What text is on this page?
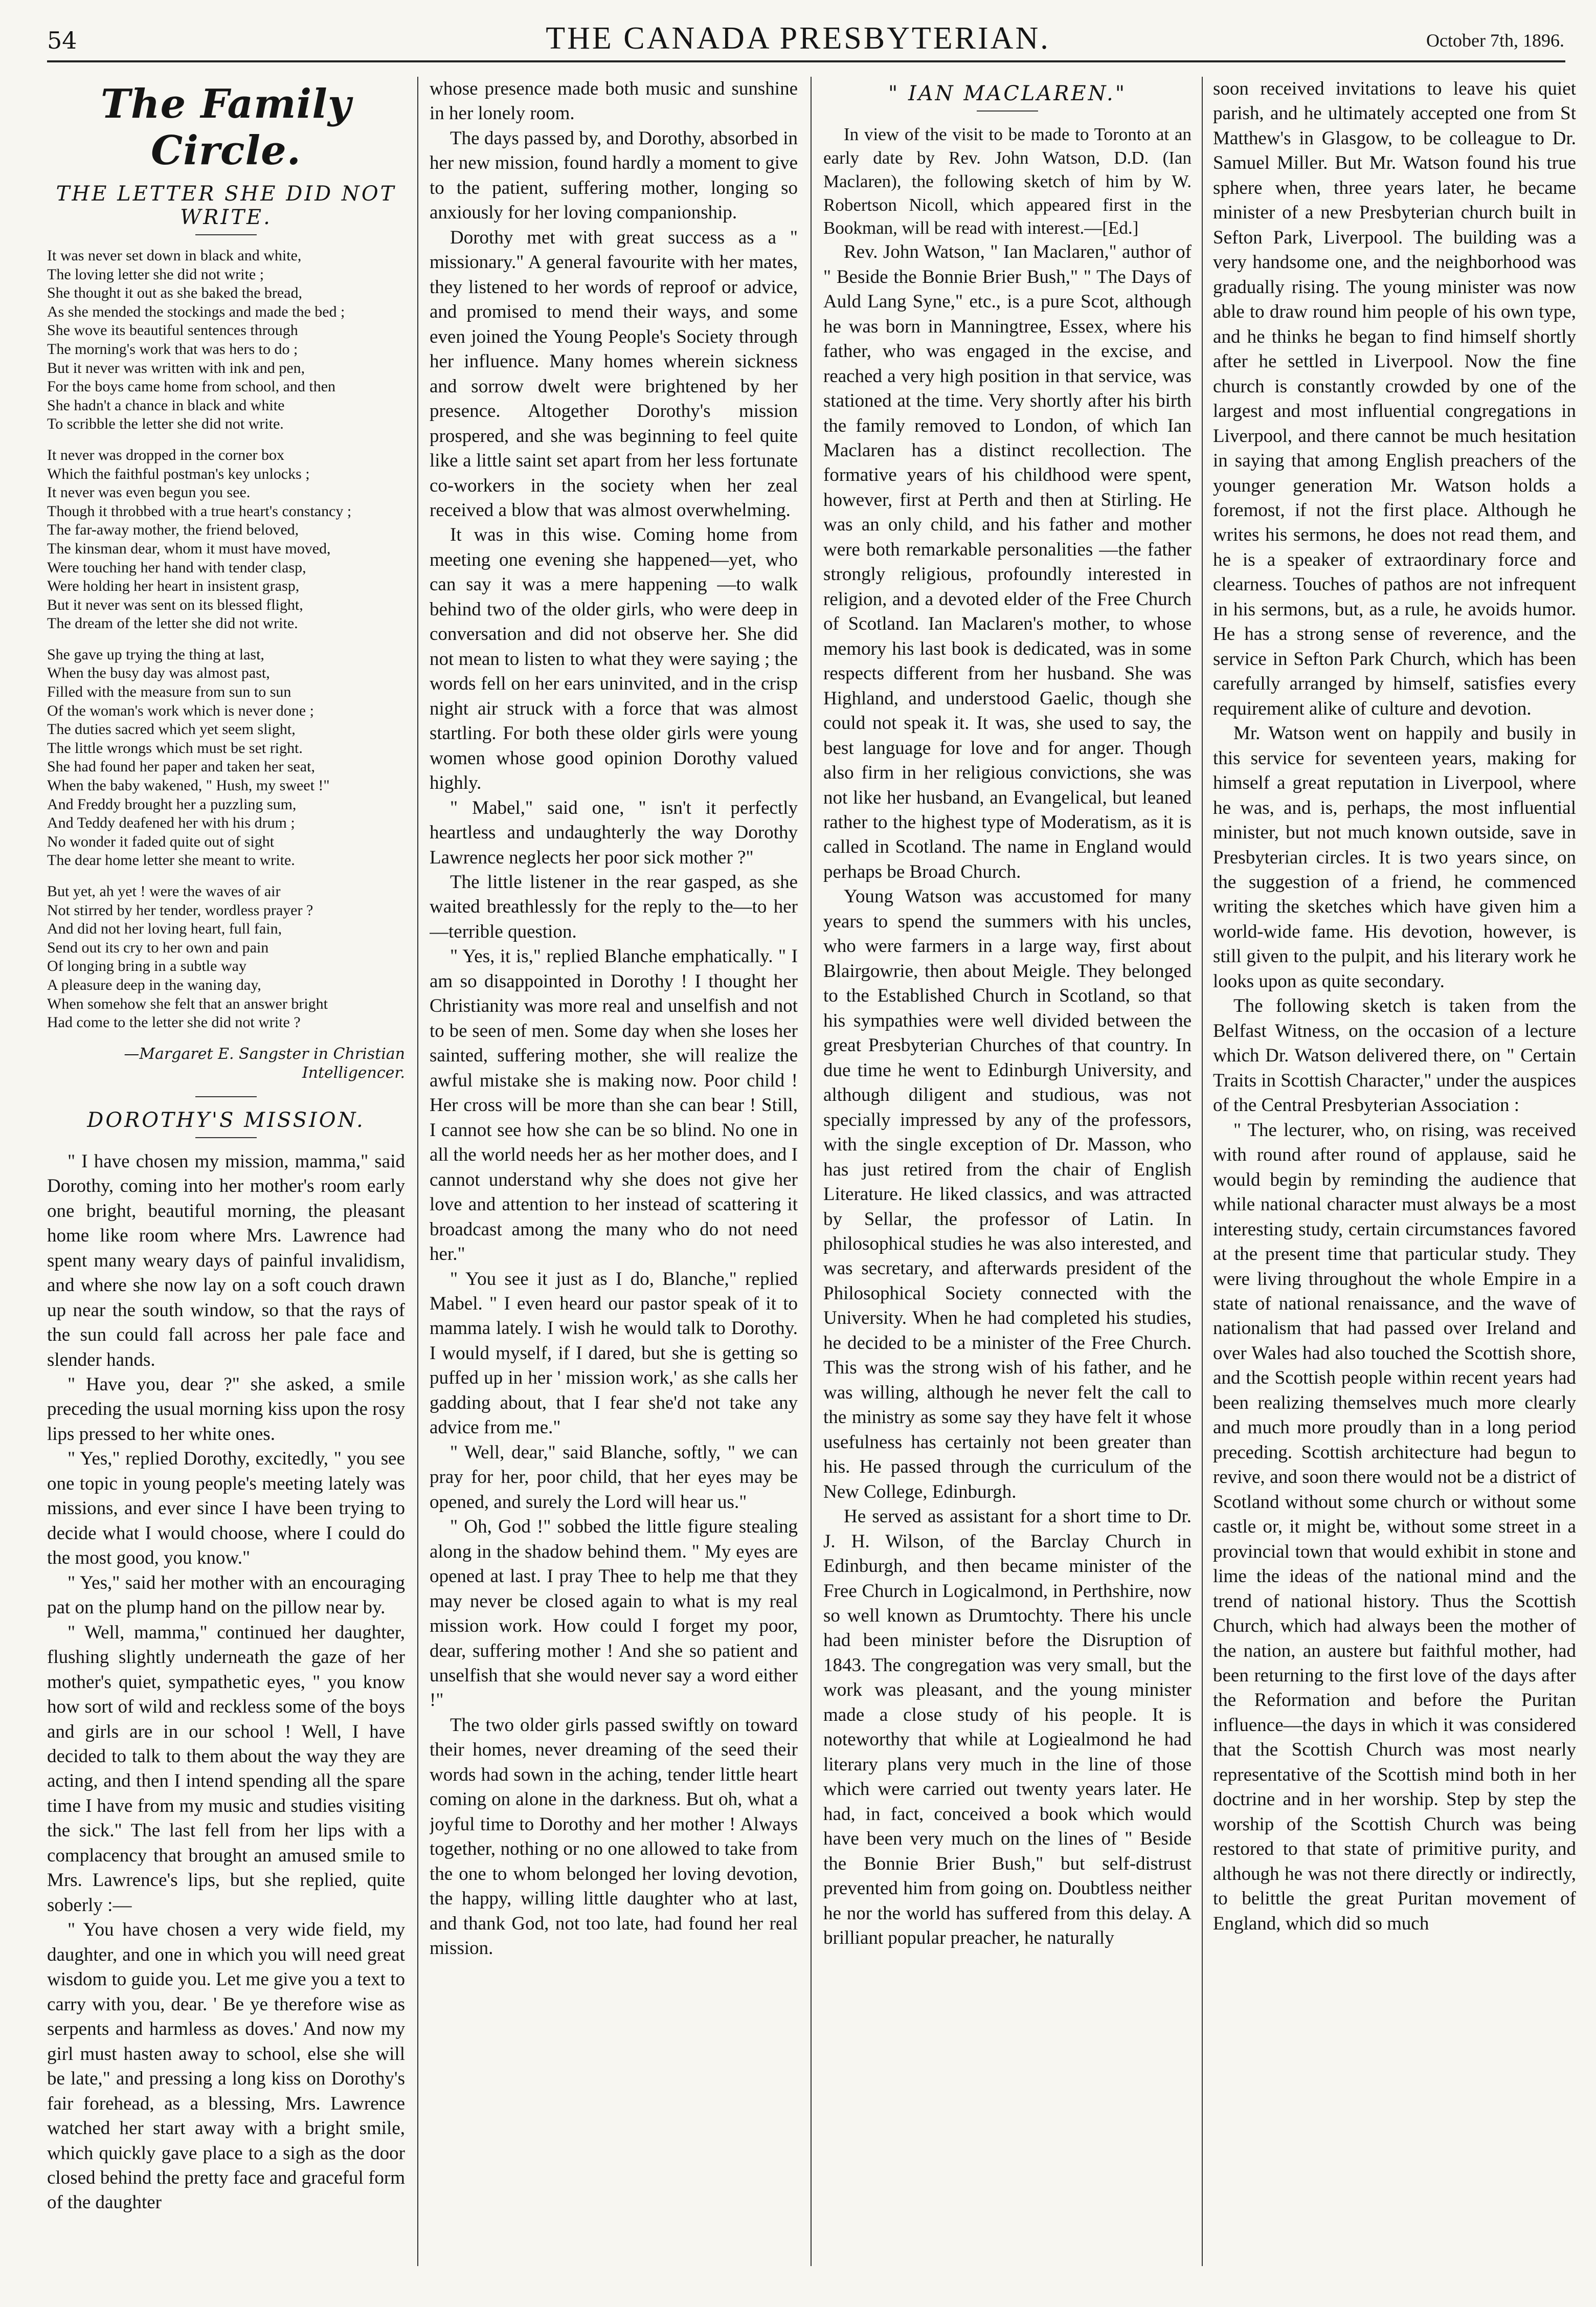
54	THE CANADA PRESBYTERIAN.	October 7th, 1896.
The Family Circle.
THE LETTER SHE DID NOT WRITE.

It was never set down in black and white,
The loving letter she did not write ;
She thought it out as she baked the bread,
As she mended the stockings and made the bed ;
She wove its beautiful sentences through
The morning's work that was hers to do ;
But it never was written with ink and pen,
For the boys came home from school, and then
She hadn't a chance in black and white
To scribble the letter she did not write.

It never was dropped in the corner box
Which the faithful postman's key unlocks ;
It never was even begun you see.
Though it throbbed with a true heart's constancy ;
The far-away mother, the friend beloved,
The kinsman dear, whom it must have moved,
Were touching her hand with tender clasp,
Were holding her heart in insistent grasp,
But it never was sent on its blessed flight,
The dream of the letter she did not write.

She gave up trying the thing at last,
When the busy day was almost past,
Filled with the measure from sun to sun
Of the woman's work which is never done ;
The duties sacred which yet seem slight,
The little wrongs which must be set right.
She had found her paper and taken her seat,
When the baby wakened, " Hush, my sweet !"
And Freddy brought her a puzzling sum,
And Teddy deafened her with his drum ;
No wonder it faded quite out of sight
The dear home letter she meant to write.

But yet, ah yet ! were the waves of air
Not stirred by her tender, wordless prayer ?
And did not her loving heart, full fain,
Send out its cry to her own and pain
Of longing bring in a subtle way
A pleasure deep in the waning day,
When somehow she felt that an answer bright
Had come to the letter she did not write ?

—Margaret E. Sangster in Christian Intelligencer.
DOROTHY'S MISSION.

" I have chosen my mission, mamma," said Dorothy, coming into her mother's room early one bright, beautiful morning, the pleasant home like room where Mrs. Lawrence had spent many weary days of painful invalidism, and where she now lay on a soft couch drawn up near the south window, so that the rays of the sun could fall across her pale face and slender hands.

" Have you, dear ?" she asked, a smile preceding the usual morning kiss upon the rosy lips pressed to her white ones.

" Yes," replied Dorothy, excitedly, " you see one topic in young people's meeting lately was missions, and ever since I have been trying to decide what I would choose, where I could do the most good, you know."

" Yes," said her mother with an encouraging pat on the plump hand on the pillow near by.

" Well, mamma," continued her daughter, flushing slightly underneath the gaze of her mother's quiet, sympathetic eyes, " you know how sort of wild and reckless some of the boys and girls are in our school ! Well, I have decided to talk to them about the way they are acting, and then I intend spending all the spare time I have from my music and studies visiting the sick." The last fell from her lips with a complacency that brought an amused smile to Mrs. Lawrence's lips, but she replied, quite soberly :—

" You have chosen a very wide field, my daughter, and one in which you will need great wisdom to guide you. Let me give you a text to carry with you, dear. ' Be ye therefore wise as serpents and harmless as doves.' And now my girl must hasten away to school, else she will be late," and pressing a long kiss on Dorothy's fair forehead, as a blessing, Mrs. Lawrence watched her start away with a bright smile, which quickly gave place to a sigh as the door closed behind the pretty face and graceful form of the daughter

whose presence made both music and sunshine in her lonely room.

The days passed by, and Dorothy, absorbed in her new mission, found hardly a moment to give to the patient, suffering mother, longing so anxiously for her loving companionship.

Dorothy met with great success as a " missionary." A general favourite with her mates, they listened to her words of reproof or advice, and promised to mend their ways, and some even joined the Young People's Society through her influence. Many homes wherein sickness and sorrow dwelt were brightened by her presence. Altogether Dorothy's mission prospered, and she was beginning to feel quite like a little saint set apart from her less fortunate co-workers in the society when her zeal received a blow that was almost overwhelming.

It was in this wise. Coming home from meeting one evening she happened—yet, who can say it was a mere happening —to walk behind two of the older girls, who were deep in conversation and did not observe her. She did not mean to listen to what they were saying ; the words fell on her ears uninvited, and in the crisp night air struck with a force that was almost startling. For both these older girls were young women whose good opinion Dorothy valued highly.

" Mabel," said one, " isn't it perfectly heartless and undaughterly the way Dorothy Lawrence neglects her poor sick mother ?"

The little listener in the rear gasped, as she waited breathlessly for the reply to the—to her—terrible question.

" Yes, it is," replied Blanche emphatically. " I am so disappointed in Dorothy ! I thought her Christianity was more real and unselfish and not to be seen of men. Some day when she loses her sainted, suffering mother, she will realize the awful mistake she is making now. Poor child ! Her cross will be more than she can bear ! Still, I cannot see how she can be so blind. No one in all the world needs her as her mother does, and I cannot understand why she does not give her love and attention to her instead of scattering it broadcast among the many who do not need her."

" You see it just as I do, Blanche," replied Mabel. " I even heard our pastor speak of it to mamma lately. I wish he would talk to Dorothy. I would myself, if I dared, but she is getting so puffed up in her ' mission work,' as she calls her gadding about, that I fear she'd not take any advice from me."

" Well, dear," said Blanche, softly, " we can pray for her, poor child, that her eyes may be opened, and surely the Lord will hear us."

" Oh, God !" sobbed the little figure stealing along in the shadow behind them. " My eyes are opened at last. I pray Thee to help me that they may never be closed again to what is my real mission work. How could I forget my poor, dear, suffering mother ! And she so patient and unselfish that she would never say a word either !"

The two older girls passed swiftly on toward their homes, never dreaming of the seed their words had sown in the aching, tender little heart coming on alone in the darkness. But oh, what a joyful time to Dorothy and her mother ! Always together, nothing or no one allowed to take from the one to whom belonged her loving devotion, the happy, willing little daughter who at last, and thank God, not too late, had found her real mission.

" IAN MACLAREN."

In view of the visit to be made to Toronto at an early date by Rev. John Watson, D.D. (Ian Maclaren), the following sketch of him by W. Robertson Nicoll, which appeared first in the Bookman, will be read with interest.—[Ed.]

Rev. John Watson, " Ian Maclaren," author of " Beside the Bonnie Brier Bush," " The Days of Auld Lang Syne," etc., is a pure Scot, although he was born in Manningtree, Essex, where his father, who was engaged in the excise, and reached a very high position in that service, was stationed at the time. Very shortly after his birth the family removed to London, of which Ian Maclaren has a distinct recollection. The formative years of his childhood were spent, however, first at Perth and then at Stirling. He was an only child, and his father and mother were both remarkable personalities —the father strongly religious, profoundly interested in religion, and a devoted elder of the Free Church of Scotland. Ian Maclaren's mother, to whose memory his last book is dedicated, was in some respects different from her husband. She was Highland, and understood Gaelic, though she could not speak it. It was, she used to say, the best language for love and for anger. Though also firm in her religious convictions, she was not like her husband, an Evangelical, but leaned rather to the highest type of Moderatism, as it is called in Scotland. The name in England would perhaps be Broad Church.

Young Watson was accustomed for many years to spend the summers with his uncles, who were farmers in a large way, first about Blairgowrie, then about Meigle. They belonged to the Established Church in Scotland, so that his sympathies were well divided between the great Presbyterian Churches of that country. In due time he went to Edinburgh University, and although diligent and studious, was not specially impressed by any of the professors, with the single exception of Dr. Masson, who has just retired from the chair of English Literature. He liked classics, and was attracted by Sellar, the professor of Latin. In philosophical studies he was also interested, and was secretary, and afterwards president of the Philosophical Society connected with the University. When he had completed his studies, he decided to be a minister of the Free Church. This was the strong wish of his father, and he was willing, although he never felt the call to the ministry as some say they have felt it whose usefulness has certainly not been greater than his. He passed through the curriculum of the New College, Edinburgh.

He served as assistant for a short time to Dr. J. H. Wilson, of the Barclay Church in Edinburgh, and then became minister of the Free Church in Logicalmond, in Perthshire, now so well known as Drumtochty. There his uncle had been minister before the Disruption of 1843. The congregation was very small, but the work was pleasant, and the young minister made a close study of his people. It is noteworthy that while at Logiealmond he had literary plans very much in the line of those which were carried out twenty years later. He had, in fact, conceived a book which would have been very much on the lines of " Beside the Bonnie Brier Bush," but self-distrust prevented him from going on. Doubtless neither he nor the world has suffered from this delay. A brilliant popular preacher, he naturally

soon received invitations to leave his quiet parish, and he ultimately accepted one from St Matthew's in Glasgow, to be colleague to Dr. Samuel Miller. But Mr. Watson found his true sphere when, three years later, he became minister of a new Presbyterian church built in Sefton Park, Liverpool. The building was a very handsome one, and the neighborhood was gradually rising. The young minister was now able to draw round him people of his own type, and he thinks he began to find himself shortly after he settled in Liverpool. Now the fine church is constantly crowded by one of the largest and most influential congregations in Liverpool, and there cannot be much hesitation in saying that among English preachers of the younger generation Mr. Watson holds a foremost, if not the first place. Although he writes his sermons, he does not read them, and he is a speaker of extraordinary force and clearness. Touches of pathos are not infrequent in his sermons, but, as a rule, he avoids humor. He has a strong sense of reverence, and the service in Sefton Park Church, which has been carefully arranged by himself, satisfies every requirement alike of culture and devotion.

Mr. Watson went on happily and busily in this service for seventeen years, making for himself a great reputation in Liverpool, where he was, and is, perhaps, the most influential minister, but not much known outside, save in Presbyterian circles. It is two years since, on the suggestion of a friend, he commenced writing the sketches which have given him a world-wide fame. His devotion, however, is still given to the pulpit, and his literary work he looks upon as quite secondary.

The following sketch is taken from the Belfast Witness, on the occasion of a lecture which Dr. Watson delivered there, on " Certain Traits in Scottish Character," under the auspices of the Central Presbyterian Association :

" The lecturer, who, on rising, was received with round after round of applause, said he would begin by reminding the audience that while national character must always be a most interesting study, certain circumstances favored at the present time that particular study. They were living throughout the whole Empire in a state of national renaissance, and the wave of nationalism that had passed over Ireland and over Wales had also touched the Scottish shore, and the Scottish people within recent years had been realizing themselves much more clearly and much more proudly than in a long period preceding. Scottish architecture had begun to revive, and soon there would not be a district of Scotland without some church or without some castle or, it might be, without some street in a provincial town that would exhibit in stone and lime the ideas of the national mind and the trend of national history. Thus the Scottish Church, which had always been the mother of the nation, an austere but faithful mother, had been returning to the first love of the days after the Reformation and before the Puritan influence—the days in which it was considered that the Scottish Church was most nearly representative of the Scottish mind both in her doctrine and in her worship. Step by step the worship of the Scottish Church was being restored to that state of primitive purity, and although he was not there directly or indirectly, to belittle the great Puritan movement of England, which did so much
